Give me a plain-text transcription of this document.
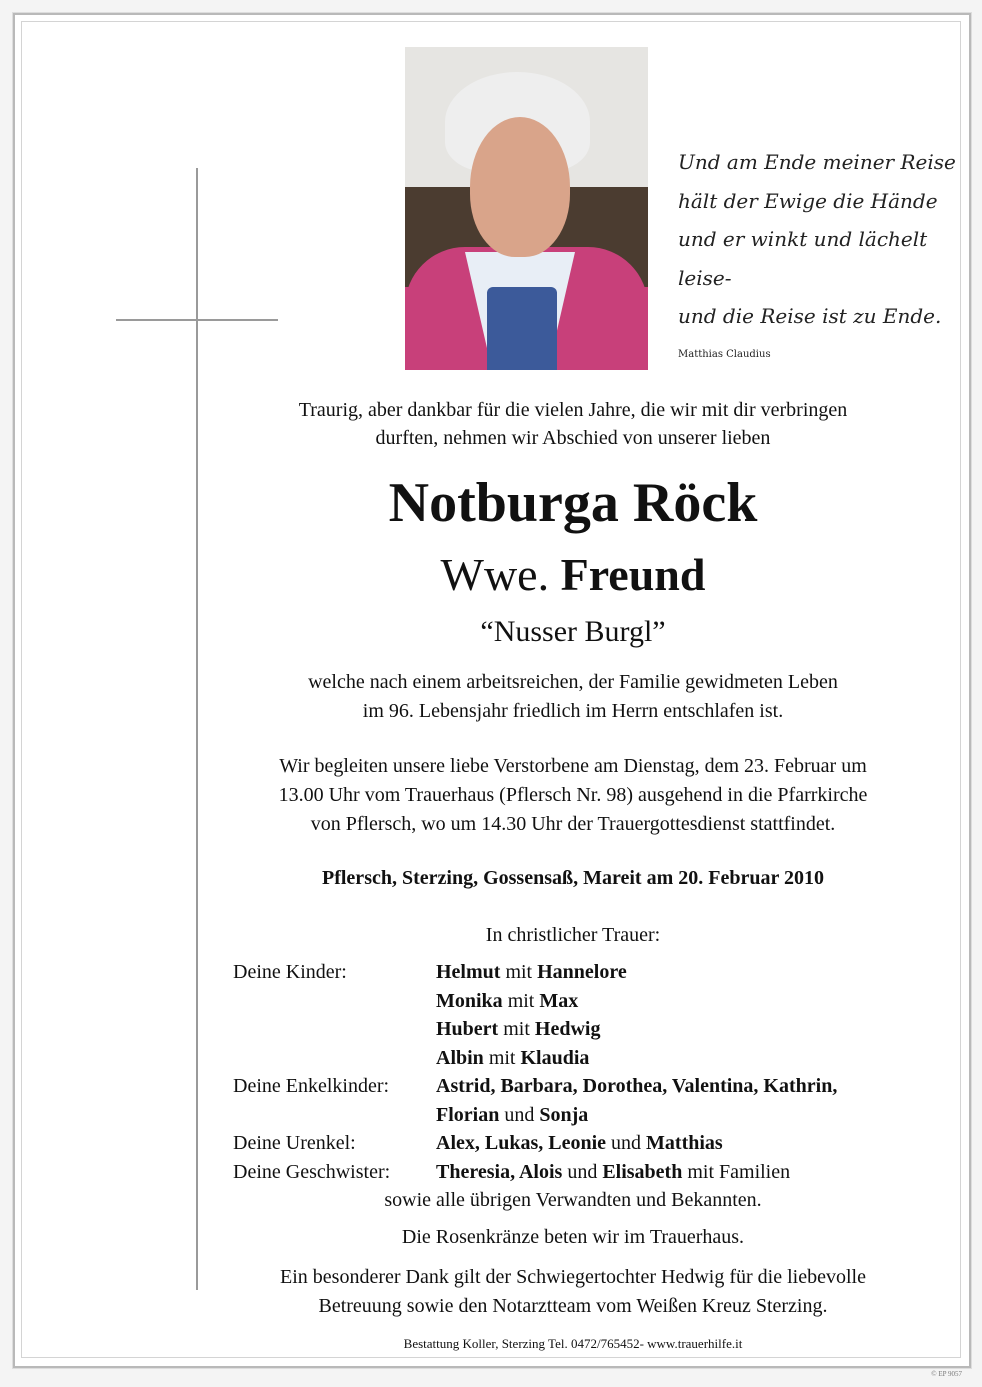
Und am Ende meiner Reise
hält der Ewige die Hände
und er winkt und lächelt leise-
und die Reise ist zu Ende.
Matthias Claudius
Traurig, aber dankbar für die vielen Jahre, die wir mit dir verbringen
durften, nehmen wir Abschied von unserer lieben
Notburga Röck
Wwe. Freund
“Nusser Burgl”
welche nach einem arbeitsreichen, der Familie gewidmeten Leben
im 96. Lebensjahr friedlich im Herrn entschlafen ist.
Wir begleiten unsere liebe Verstorbene am Dienstag, dem 23. Februar um
13.00 Uhr vom Trauerhaus (Pflersch Nr. 98) ausgehend in die Pfarrkirche
von Pflersch, wo um 14.30 Uhr der Trauergottesdienst stattfindet.
Pflersch, Sterzing, Gossensaß, Mareit am 20. Februar 2010
In christlicher Trauer:
Deine Kinder:	Helmut mit Hannelore
Monika mit Max
Hubert mit Hedwig
Albin mit Klaudia
Deine Enkelkinder:	Astrid, Barbara, Dorothea, Valentina, Kathrin,
Florian und Sonja
Deine Urenkel:	Alex, Lukas, Leonie und Matthias
Deine Geschwister:	Theresia, Alois und Elisabeth mit Familien
sowie alle übrigen Verwandten und Bekannten.
Die Rosenkränze beten wir im Trauerhaus.
Ein besonderer Dank gilt der Schwiegertochter Hedwig für die liebevolle
Betreuung sowie den Notarztteam vom Weißen Kreuz Sterzing.
Bestattung Koller, Sterzing Tel. 0472/765452- www.trauerhilfe.it
© EP 9057
